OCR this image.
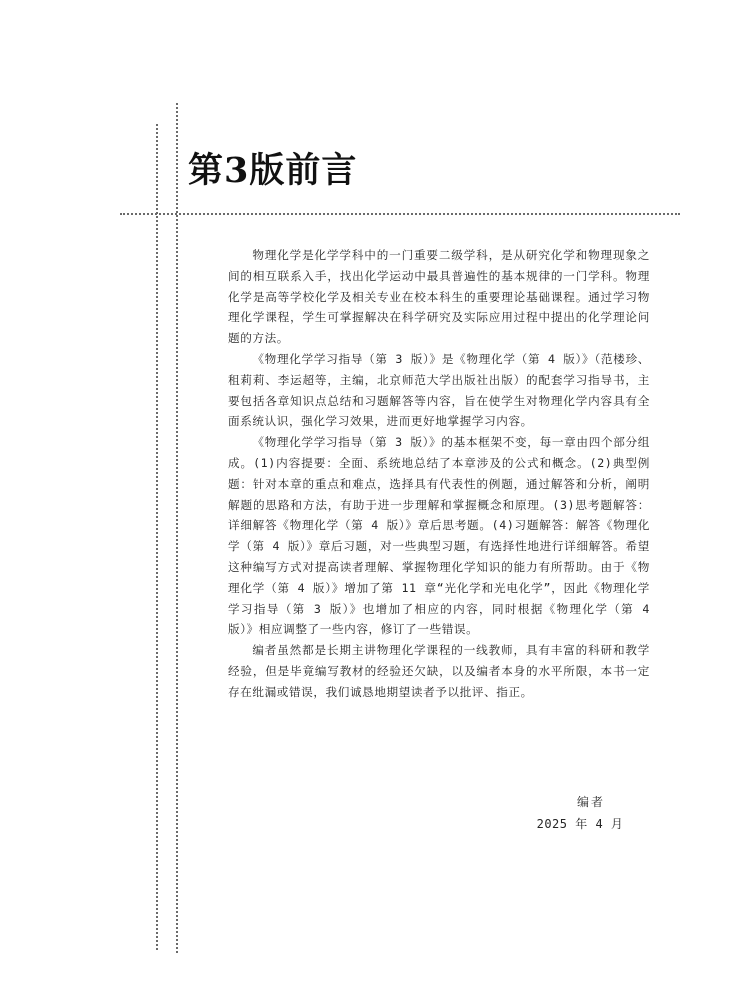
第3版前言

物理化学是化学学科中的一门重要二级学科，是从研究化学和物理现象之间的相互联系入手，找出化学运动中最具普遍性的基本规律的一门学科。物理化学是高等学校化学及相关专业在校本科生的重要理论基础课程。通过学习物理化学课程，学生可掌握解决在科学研究及实际应用过程中提出的化学理论问题的方法。

《物理化学学习指导（第 3 版）》是《物理化学（第 4 版）》（范楼珍、租莉莉、李运超等，主编，北京师范大学出版社出版）的配套学习指导书，主要包括各章知识点总结和习题解答等内容，旨在使学生对物理化学内容具有全面系统认识，强化学习效果，进而更好地掌握学习内容。

《物理化学学习指导（第 3 版）》的基本框架不变，每一章由四个部分组成。(1)内容提要：全面、系统地总结了本章涉及的公式和概念。(2)典型例题：针对本章的重点和难点，选择具有代表性的例题，通过解答和分析，阐明解题的思路和方法，有助于进一步理解和掌握概念和原理。(3)思考题解答：详细解答《物理化学（第 4 版）》章后思考题。(4)习题解答：解答《物理化学（第 4 版）》章后习题，对一些典型习题，有选择性地进行详细解答。希望这种编写方式对提高读者理解、掌握物理化学知识的能力有所帮助。由于《物理化学（第 4 版）》增加了第 11 章“光化学和光电化学”，因此《物理化学学习指导（第 3 版）》也增加了相应的内容，同时根据《物理化学（第 4 版）》相应调整了一些内容，修订了一些错误。

编者虽然都是长期主讲物理化学课程的一线教师，具有丰富的科研和教学经验，但是毕竟编写教材的经验还欠缺，以及编者本身的水平所限，本书一定存在纰漏或错误，我们诚恳地期望读者予以批评、指正。

编者
2025 年 4 月
